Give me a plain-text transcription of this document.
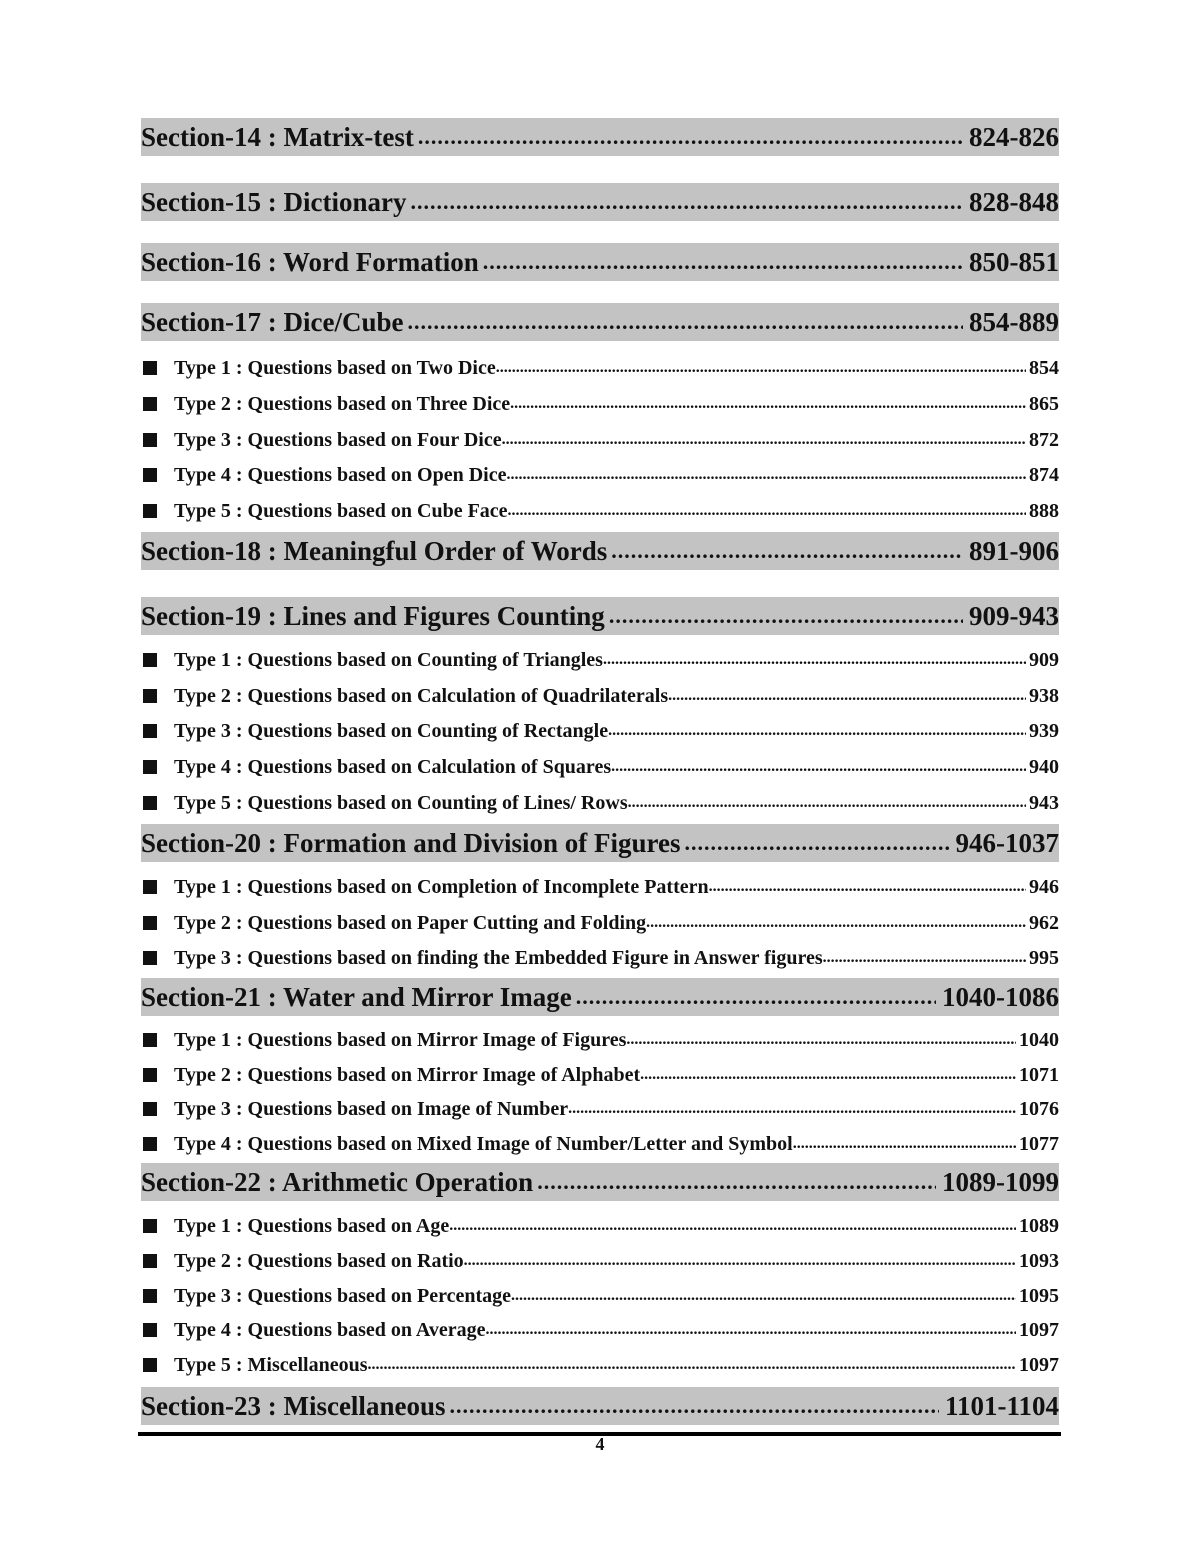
Section-14 : Matrix-test .....	824-826
Section-15 : Dictionary .....	828-848
Section-16 : Word Formation .....	850-851
Section-17 : Dice/Cube .....	854-889
Type 1 : Questions based on Two Dice .....	854
Type 2 : Questions based on Three Dice .....	865
Type 3 : Questions based on Four Dice .....	872
Type 4 : Questions based on Open Dice .....	874
Type 5 : Questions based on Cube Face .....	888
Section-18 : Meaningful Order of Words .....	891-906
Section-19 : Lines and Figures Counting .....	909-943
Type 1 : Questions based on Counting of Triangles .....	909
Type 2 : Questions based on Calculation of Quadrilaterals .....	938
Type 3 : Questions based on Counting of Rectangle .....	939
Type 4 : Questions based on Calculation of Squares .....	940
Type 5 : Questions based on Counting of Lines/ Rows .....	943
Section-20 : Formation and Division of Figures .....	946-1037
Type 1 : Questions based on Completion of Incomplete Pattern .....	946
Type 2 : Questions based on Paper Cutting and Folding .....	962
Type 3 : Questions based on finding the Embedded Figure in Answer figures .....	995
Section-21 : Water and Mirror Image .....	1040-1086
Type 1 : Questions based on Mirror Image of Figures .....	1040
Type 2 : Questions based on Mirror Image of Alphabet .....	1071
Type 3 : Questions based on Image of Number .....	1076
Type 4 : Questions based on Mixed Image of Number/Letter and Symbol .....	1077
Section-22 : Arithmetic Operation .....	1089-1099
Type 1 : Questions based on Age .....	1089
Type 2 : Questions based on Ratio .....	1093
Type 3 : Questions based on Percentage .....	1095
Type 4 : Questions based on Average .....	1097
Type 5 : Miscellaneous .....	1097
Section-23 : Miscellaneous .....	1101-1104
4
